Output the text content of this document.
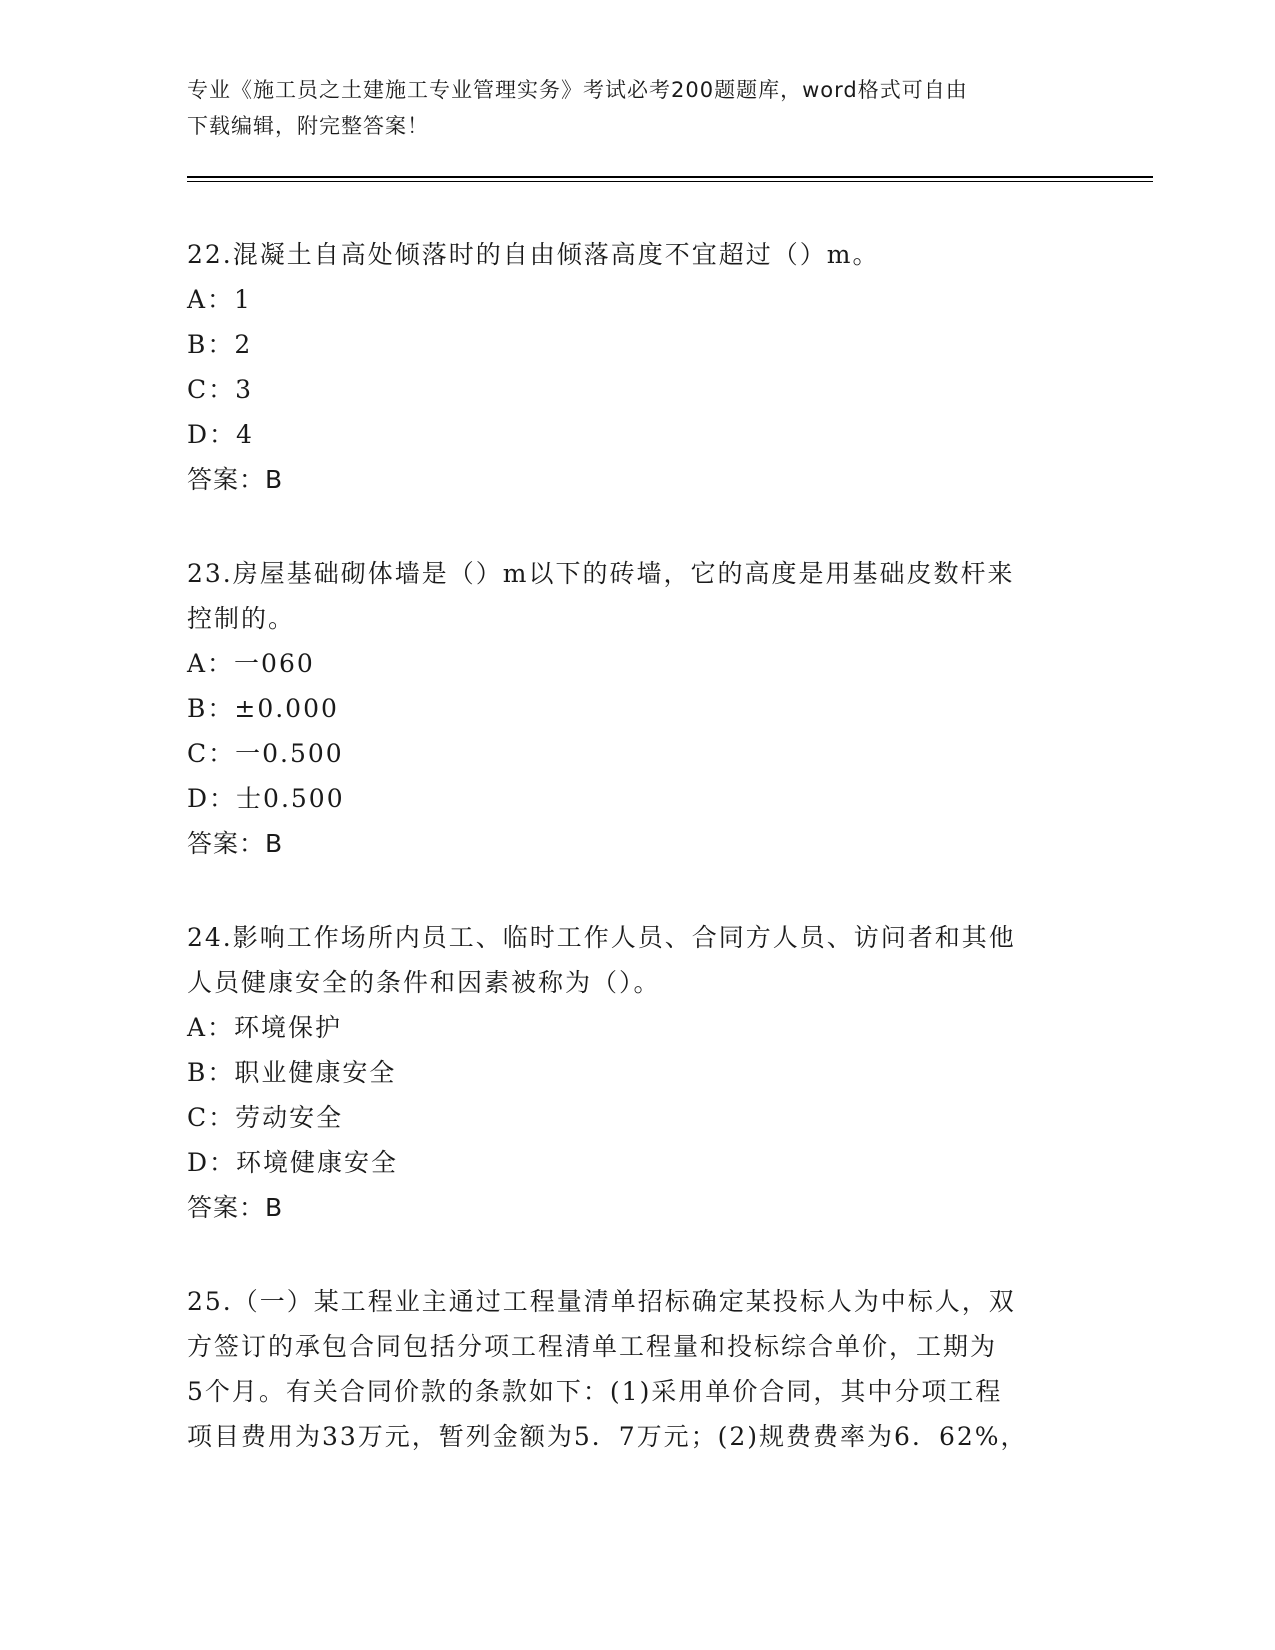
专业《施工员之土建施工专业管理实务》考试必考200题题库，word格式可自由
下载编辑，附完整答案！

22.混凝土自高处倾落时的自由倾落高度不宜超过（）m。

A：1

B：2

C：3

D：4

答案：B

23.房屋基础砌体墙是（）m以下的砖墙，它的高度是用基础皮数杆来

控制的。

A：一060

B：±0.000

C：一0.500

D：士0.500

答案：B

24.影响工作场所内员工、临时工作人员、合同方人员、访问者和其他

人员健康安全的条件和因素被称为（）。

A：环境保护

B：职业健康安全

C：劳动安全

D：环境健康安全

答案：B

25.（一）某工程业主通过工程量清单招标确定某投标人为中标人，双

方签订的承包合同包括分项工程清单工程量和投标综合单价，工期为

5个月。有关合同价款的条款如下：(1)采用单价合同，其中分项工程

项目费用为33万元，暂列金额为5．7万元；(2)规费费率为6．62%，
